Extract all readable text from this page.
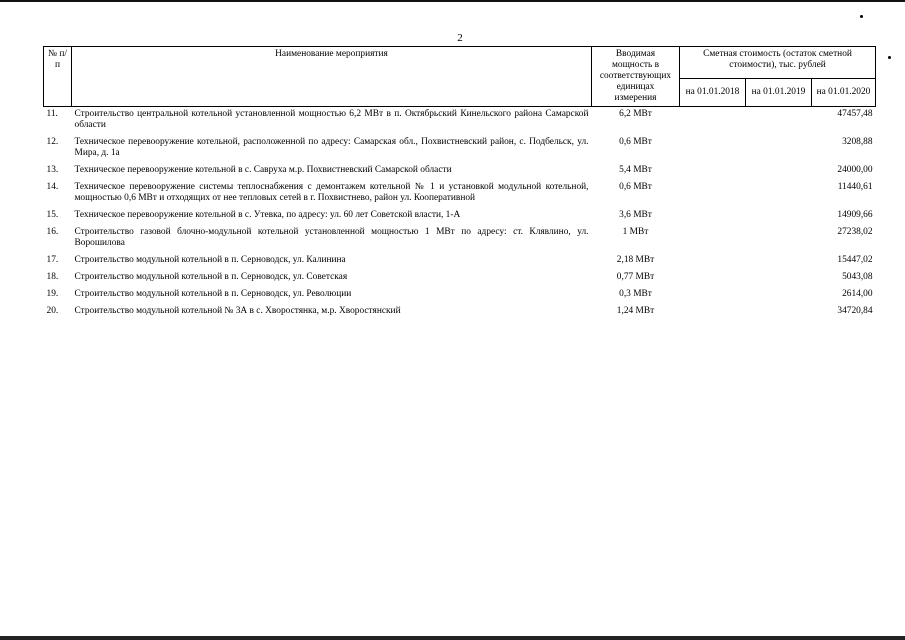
2
№ п/п	Наименование мероприятия	Вводимая мощность в соответствующих единицах измерения	Сметная стоимость (остаток сметной стоимости), тыс. рублей		
			на 01.01.2018	на 01.01.2019	на 01.01.2020
11.	Строительство центральной котельной установленной мощностью 6,2 МВт в п. Октябрьский Кинельского района Самарской области	6,2 МВт			47457,48
12.	Техническое перевооружение котельной, расположенной по адресу: Самарская обл., Похвистневский район, с. Подбельск, ул. Мира, д. 1а	0,6 МВт			3208,88
13.	Техническое перевооружение котельной в с. Савруха м.р. Похвистневский Самарской области	5,4 МВт			24000,00
14.	Техническое перевооружение системы теплоснабжения с демонтажем котельной № 1 и установкой модульной котельной, мощностью 0,6 МВт и отходящих от нее тепловых сетей в г. Похвистнево, район ул. Кооперативной	0,6 МВт			11440,61
15.	Техническое перевооружение котельной в с. Утевка, по адресу: ул. 60 лет Советской власти, 1-А	3,6 МВт			14909,66
16.	Строительство газовой блочно-модульной котельной установленной мощностью 1 МВт по адресу: ст. Клявлино, ул. Ворошилова	1 МВт			27238,02
17.	Строительство модульной котельной в п. Серноводск, ул. Калинина	2,18 МВт			15447,02
18.	Строительство модульной котельной в п. Серноводск, ул. Советская	0,77 МВт			5043,08
19.	Строительство модульной котельной в п. Серноводск, ул. Революции	0,3 МВт			2614,00
20.	Строительство модульной котельной № 3А в с. Хворостянка, м.р. Хворостянский	1,24 МВт			34720,84
